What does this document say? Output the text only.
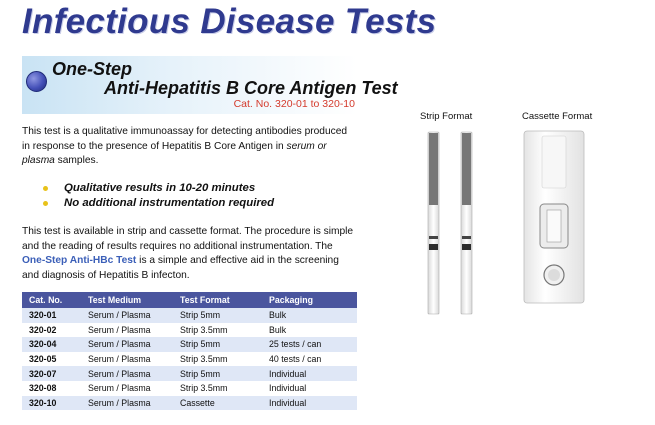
Infectious Disease Tests
One-Step
Anti-Hepatitis B Core Antigen Test
Cat. No. 320-01 to 320-10

This test is a qualitative immunoassay for detecting antibodies produced in response to the presence of Hepatitis B Core Antigen in serum or plasma samples.

Qualitative results in 10-20 minutes
No additional instrumentation required

This test is available in strip and cassette format. The procedure is simple and the reading of results requires no additional instrumentation. The One-Step Anti-HBc Test is a simple and effective aid in the screening and diagnosis of Hepatitis B infecton.

Cat. No.	Test Medium	Test Format	Packaging
320-01	Serum / Plasma	Strip 5mm	Bulk
320-02	Serum / Plasma	Strip 3.5mm	Bulk
320-04	Serum / Plasma	Strip 5mm	25 tests / can
320-05	Serum / Plasma	Strip 3.5mm	40 tests / can
320-07	Serum / Plasma	Strip 5mm	Individual
320-08	Serum / Plasma	Strip 3.5mm	Individual
320-10	Serum / Plasma	Cassette	Individual
Strip Format	Cassette Format
